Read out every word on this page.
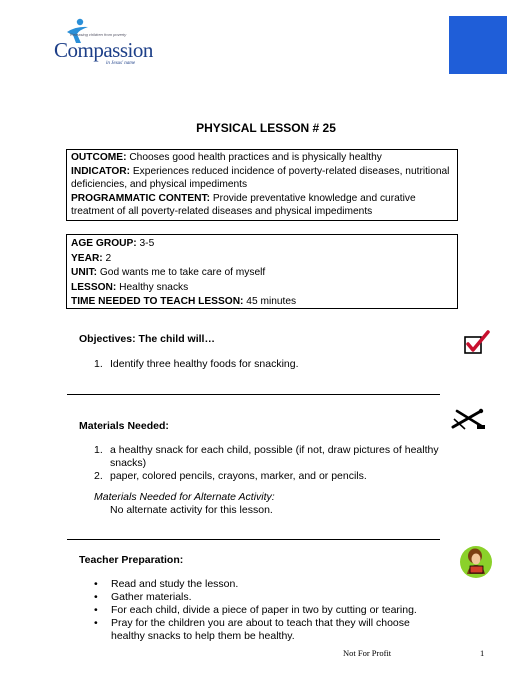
Releasing children from poverty
Compassion
in Jesus' name
PHYSICAL LESSON # 25
OUTCOME: Chooses good health practices and is physically healthy
INDICATOR: Experiences reduced incidence of poverty-related diseases, nutritional deficiencies, and physical impediments
PROGRAMMATIC CONTENT: Provide preventative knowledge and curative treatment of all poverty-related diseases and physical impediments
AGE GROUP: 3-5
YEAR: 2
UNIT: God wants me to take care of myself
LESSON: Healthy snacks
TIME NEEDED TO TEACH LESSON: 45 minutes
Objectives: The child will…
1. Identify three healthy foods for snacking.
Materials Needed:
1. a healthy snack for each child, possible (if not, draw pictures of healthy snacks)
2. paper, colored pencils, crayons, marker, and or pencils.
Materials Needed for Alternate Activity:
No alternate activity for this lesson.
Teacher Preparation:
• Read and study the lesson.
• Gather materials.
• For each child, divide a piece of paper in two by cutting or tearing.
• Pray for the children you are about to teach that they will choose healthy snacks to help them be healthy.
Not For Profit	1
